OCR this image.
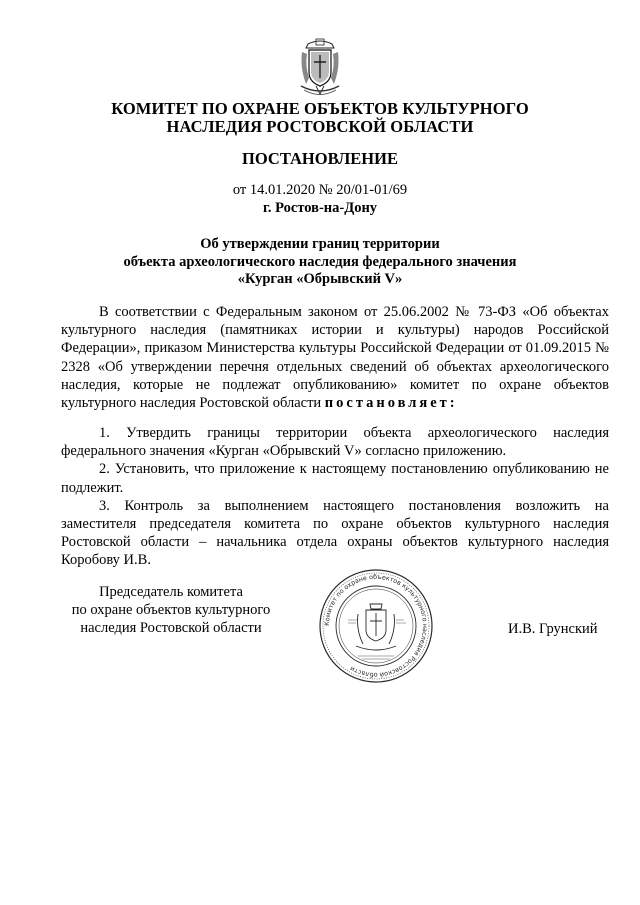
КОМИТЕТ ПО ОХРАНЕ ОБЪЕКТОВ КУЛЬТУРНОГО
НАСЛЕДИЯ РОСТОВСКОЙ ОБЛАСТИ
ПОСТАНОВЛЕНИЕ
от 14.01.2020 № 20/01-01/69
г. Ростов-на-Дону
Об утверждении границ территории
объекта археологического наследия федерального значения
«Курган «Обрывский V»

В соответствии с Федеральным законом от 25.06.2002 № 73-ФЗ «Об объектах культурного наследия (памятниках истории и культуры) народов Российской Федерации», приказом Министерства культуры Российской Федерации от 01.09.2015 № 2328 «Об утверждении перечня отдельных сведений об объектах археологического наследия, которые не подлежат опубликованию» комитет по охране объектов культурного наследия Ростовской области постановляет:

1. Утвердить границы территории объекта археологического наследия федерального значения «Курган «Обрывский V» согласно приложению.

2. Установить, что приложение к настоящему постановлению опубликованию не подлежит.

3. Контроль за выполнением настоящего постановления возложить на заместителя председателя комитета по охране объектов культурного наследия Ростовской области – начальника отдела охраны объектов культурного наследия Коробову И.В.

Председатель комитета
по охране объектов культурного
наследия Ростовской области	Комитет по охране объектов культурного наследия Ростовской области
И.В. Грунский
